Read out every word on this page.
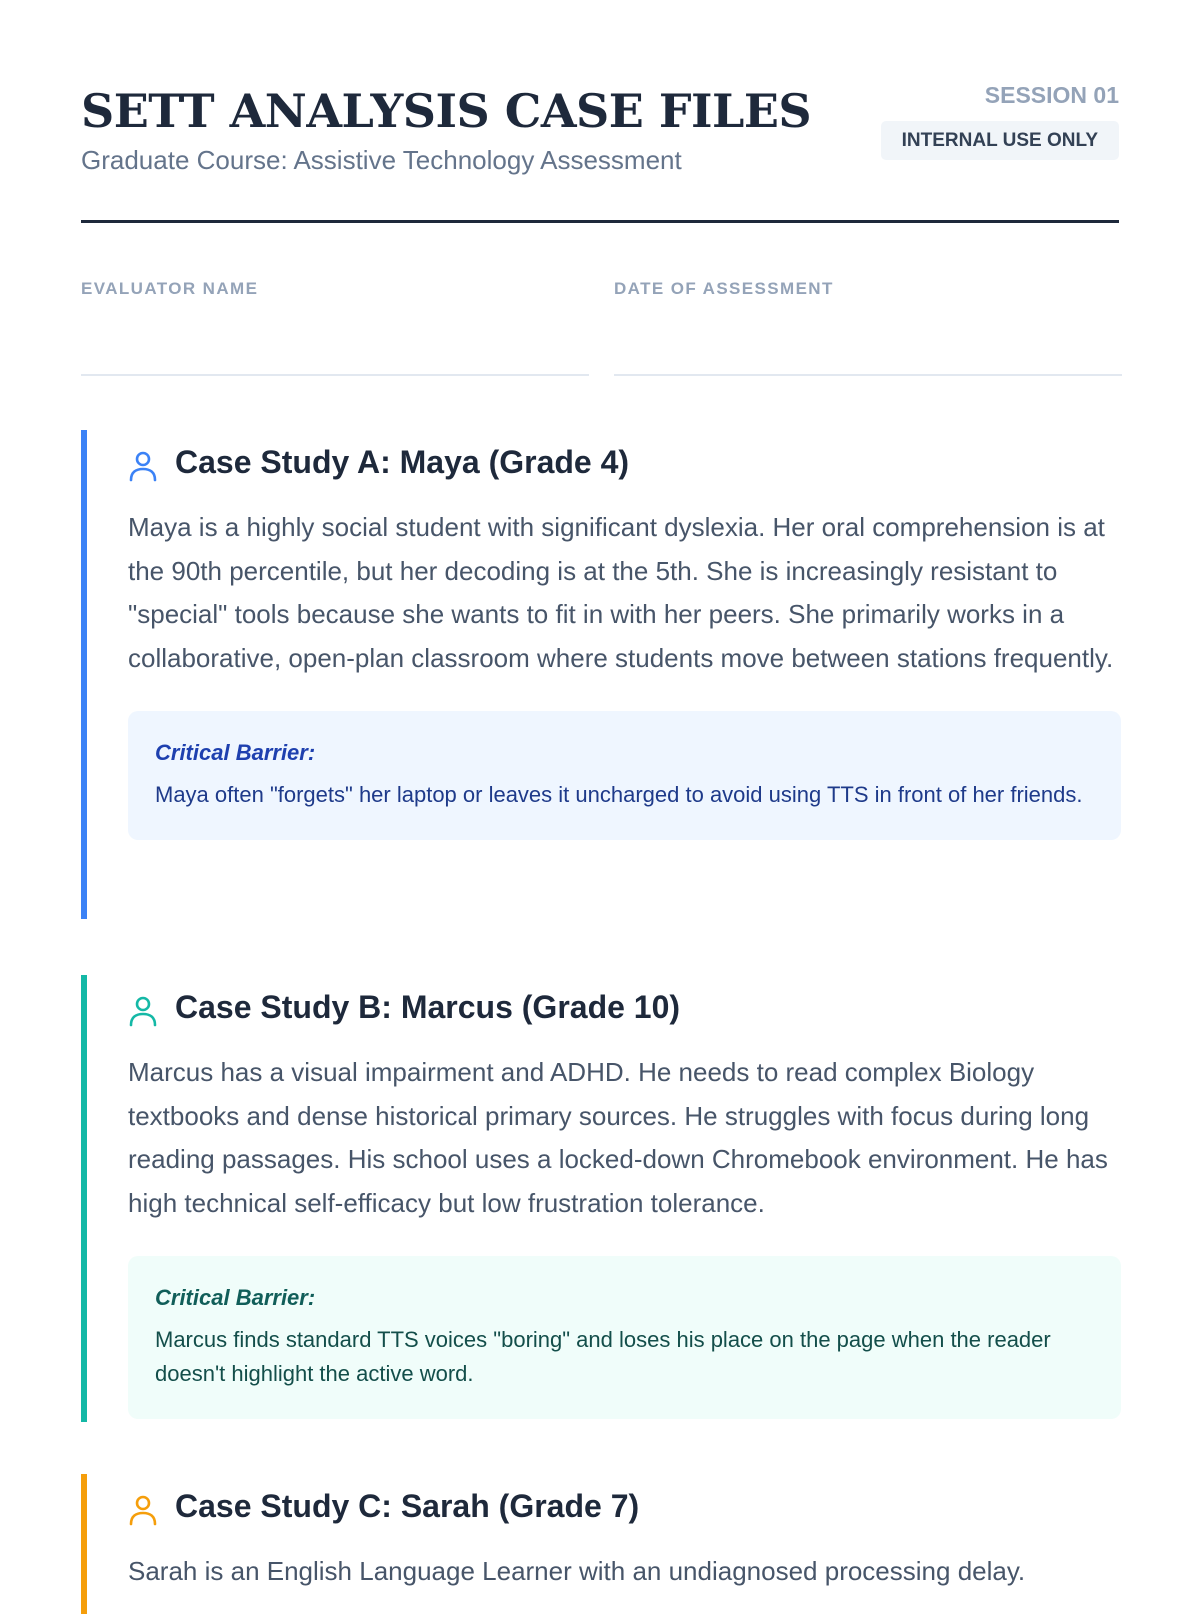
SETT ANALYSIS CASE FILES
Graduate Course: Assistive Technology Assessment
SESSION 01
INTERNAL USE ONLY
EVALUATOR NAME	DATE OF ASSESSMENT
Case Study A: Maya (Grade 4)

Maya is a highly social student with significant dyslexia. Her oral comprehension is at the 90th percentile, but her decoding is at the 5th. She is increasingly resistant to "special" tools because she wants to fit in with her peers. She primarily works in a collaborative, open-plan classroom where students move between stations frequently.

Critical Barrier:
Maya often "forgets" her laptop or leaves it uncharged to avoid using TTS in front of her friends.
Case Study B: Marcus (Grade 10)

Marcus has a visual impairment and ADHD. He needs to read complex Biology textbooks and dense historical primary sources. He struggles with focus during long reading passages. His school uses a locked-down Chromebook environment. He has high technical self-efficacy but low frustration tolerance.

Critical Barrier:
Marcus finds standard TTS voices "boring" and loses his place on the page when the reader doesn't highlight the active word.
Case Study C: Sarah (Grade 7)

Sarah is an English Language Learner with an undiagnosed processing delay.
